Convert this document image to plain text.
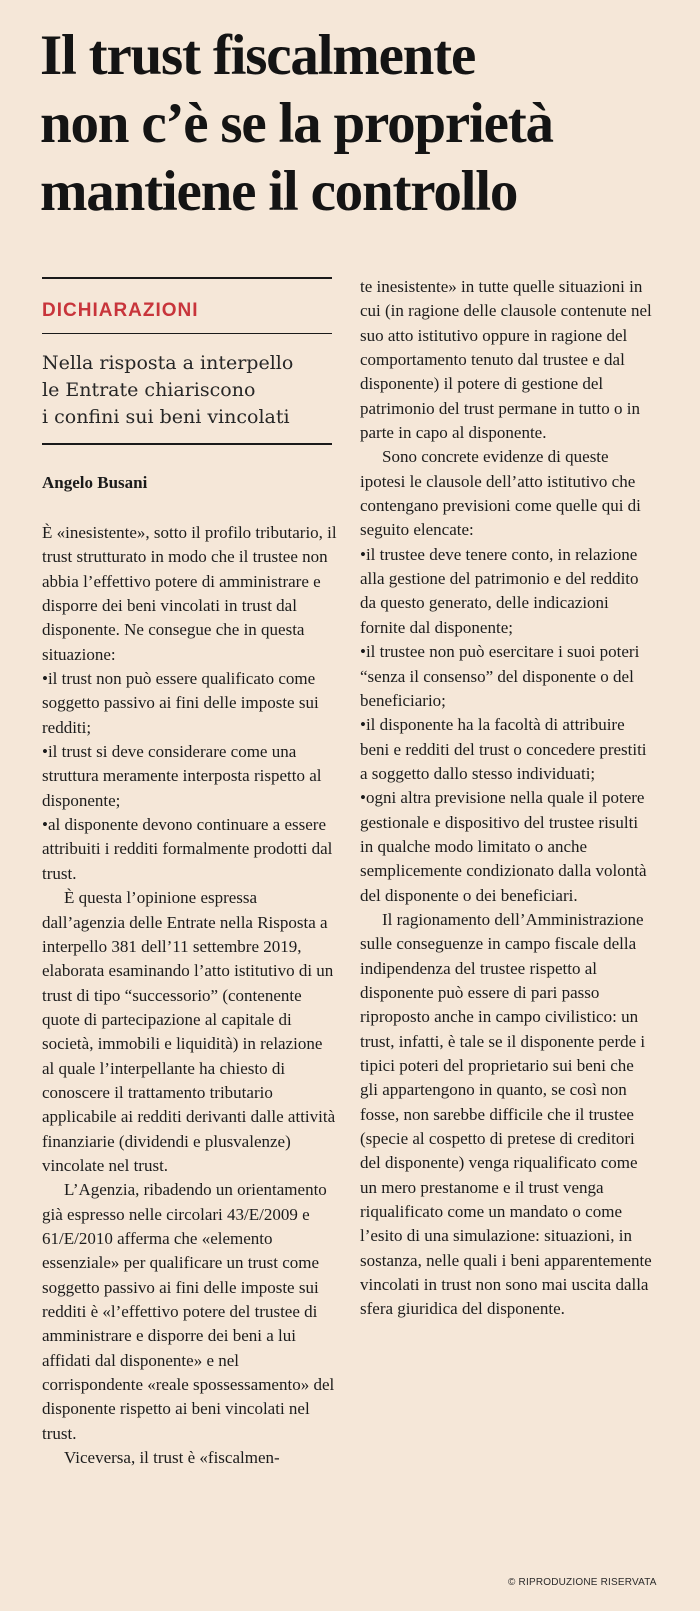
Il trust fiscalmente
non c’è se la proprietà
mantiene il controllo
DICHIARAZIONI
Nella risposta a interpello
le Entrate chiariscono
i confini sui beni vincolati
Angelo Busani

È «inesistente», sotto il profilo tributario, il trust strutturato in modo che il trustee non abbia l’effettivo potere di amministrare e disporre dei beni vincolati in trust dal disponente. Ne consegue che in questa situazione:

• il trust non può essere qualificato come soggetto passivo ai fini delle imposte sui redditi;

• il trust si deve considerare come una struttura meramente interposta rispetto al disponente;

• al disponente devono continuare a essere attribuiti i redditi formalmente prodotti dal trust.

È questa l’opinione espressa dall’agenzia delle Entrate nella Risposta a interpello 381 dell’11 settembre 2019, elaborata esaminando l’atto istitutivo di un trust di tipo “successorio” (contenente quote di partecipazione al capitale di società, immobili e liquidità) in relazione al quale l’interpellante ha chiesto di conoscere il trattamento tributario applicabile ai redditi derivanti dalle attività finanziarie (dividendi e plusvalenze) vincolate nel trust.

L’Agenzia, ribadendo un orientamento già espresso nelle circolari 43/E/2009 e 61/E/2010 afferma che «elemento essenziale» per qualificare un trust come soggetto passivo ai fini delle imposte sui redditi è «l’effettivo potere del trustee di amministrare e disporre dei beni a lui affidati dal disponente» e nel corrispondente «reale spossessamento» del disponente rispetto ai beni vincolati nel trust.

Viceversa, il trust è «fiscalmen-

te inesistente» in tutte quelle situazioni in cui (in ragione delle clausole contenute nel suo atto istitutivo oppure in ragione del comportamento tenuto dal trustee e dal disponente) il potere di gestione del patrimonio del trust permane in tutto o in parte in capo al disponente.

Sono concrete evidenze di queste ipotesi le clausole dell’atto istitutivo che contengano previsioni come quelle qui di seguito elencate:

• il trustee deve tenere conto, in relazione alla gestione del patrimonio e del reddito da questo generato, delle indicazioni fornite dal disponente;

• il trustee non può esercitare i suoi poteri “senza il consenso” del disponente o del beneficiario;

• il disponente ha la facoltà di attribuire beni e redditi del trust o concedere prestiti a soggetto dallo stesso individuati;

• ogni altra previsione nella quale il potere gestionale e dispositivo del trustee risulti in qualche modo limitato o anche semplicemente condizionato dalla volontà del disponente o dei beneficiari.

Il ragionamento dell’Amministrazione sulle conseguenze in campo fiscale della indipendenza del trustee rispetto al disponente può essere di pari passo riproposto anche in campo civilistico: un trust, infatti, è tale se il disponente perde i tipici poteri del proprietario sui beni che gli appartengono in quanto, se così non fosse, non sarebbe difficile che il trustee (specie al cospetto di pretese di creditori del disponente) venga riqualificato come un mero prestanome e il trust venga riqualificato come un mandato o come l’esito di una simulazione: situazioni, in sostanza, nelle quali i beni apparentemente vincolati in trust non sono mai uscita dalla sfera giuridica del disponente.

© RIPRODUZIONE RISERVATA
